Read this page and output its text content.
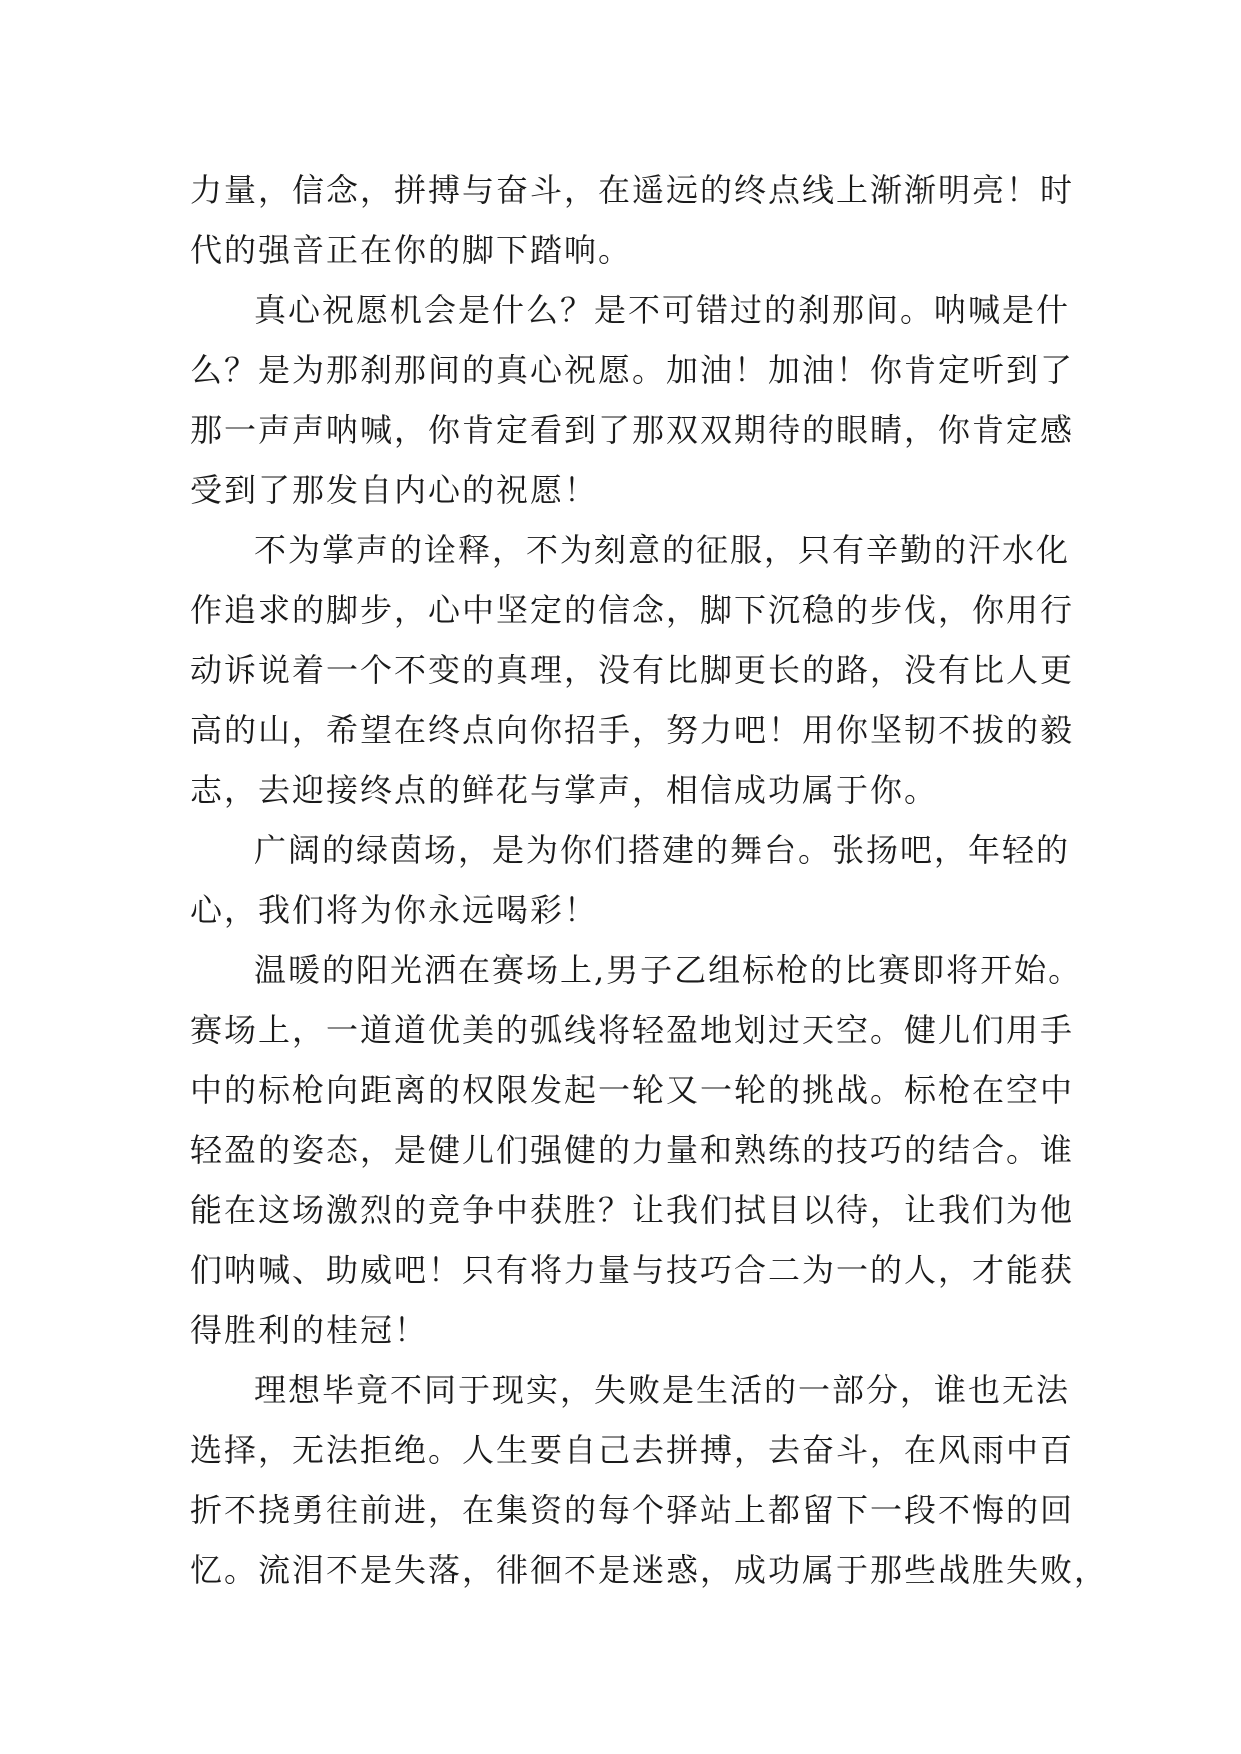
力量，信念，拼搏与奋斗，在遥远的终点线上渐渐明亮！时
代的强音正在你的脚下踏响。
真心祝愿机会是什么？是不可错过的刹那间。呐喊是什
么？是为那刹那间的真心祝愿。加油！加油！你肯定听到了
那一声声呐喊，你肯定看到了那双双期待的眼睛，你肯定感
受到了那发自内心的祝愿！
不为掌声的诠释，不为刻意的征服，只有辛勤的汗水化
作追求的脚步，心中坚定的信念，脚下沉稳的步伐，你用行
动诉说着一个不变的真理，没有比脚更长的路，没有比人更
高的山，希望在终点向你招手，努力吧！用你坚韧不拔的毅
志，去迎接终点的鲜花与掌声，相信成功属于你。
广阔的绿茵场，是为你们搭建的舞台。张扬吧，年轻的
心，我们将为你永远喝彩！
温暖的阳光洒在赛场上,男子乙组标枪的比赛即将开始。
赛场上，一道道优美的弧线将轻盈地划过天空。健儿们用手
中的标枪向距离的权限发起一轮又一轮的挑战。标枪在空中
轻盈的姿态，是健儿们强健的力量和熟练的技巧的结合。谁
能在这场激烈的竞争中获胜？让我们拭目以待，让我们为他
们呐喊、助威吧！只有将力量与技巧合二为一的人，才能获
得胜利的桂冠！
理想毕竟不同于现实，失败是生活的一部分，谁也无法
选择，无法拒绝。人生要自己去拼搏，去奋斗，在风雨中百
折不挠勇往前进，在集资的每个驿站上都留下一段不悔的回
忆。流泪不是失落，徘徊不是迷惑，成功属于那些战胜失败，
